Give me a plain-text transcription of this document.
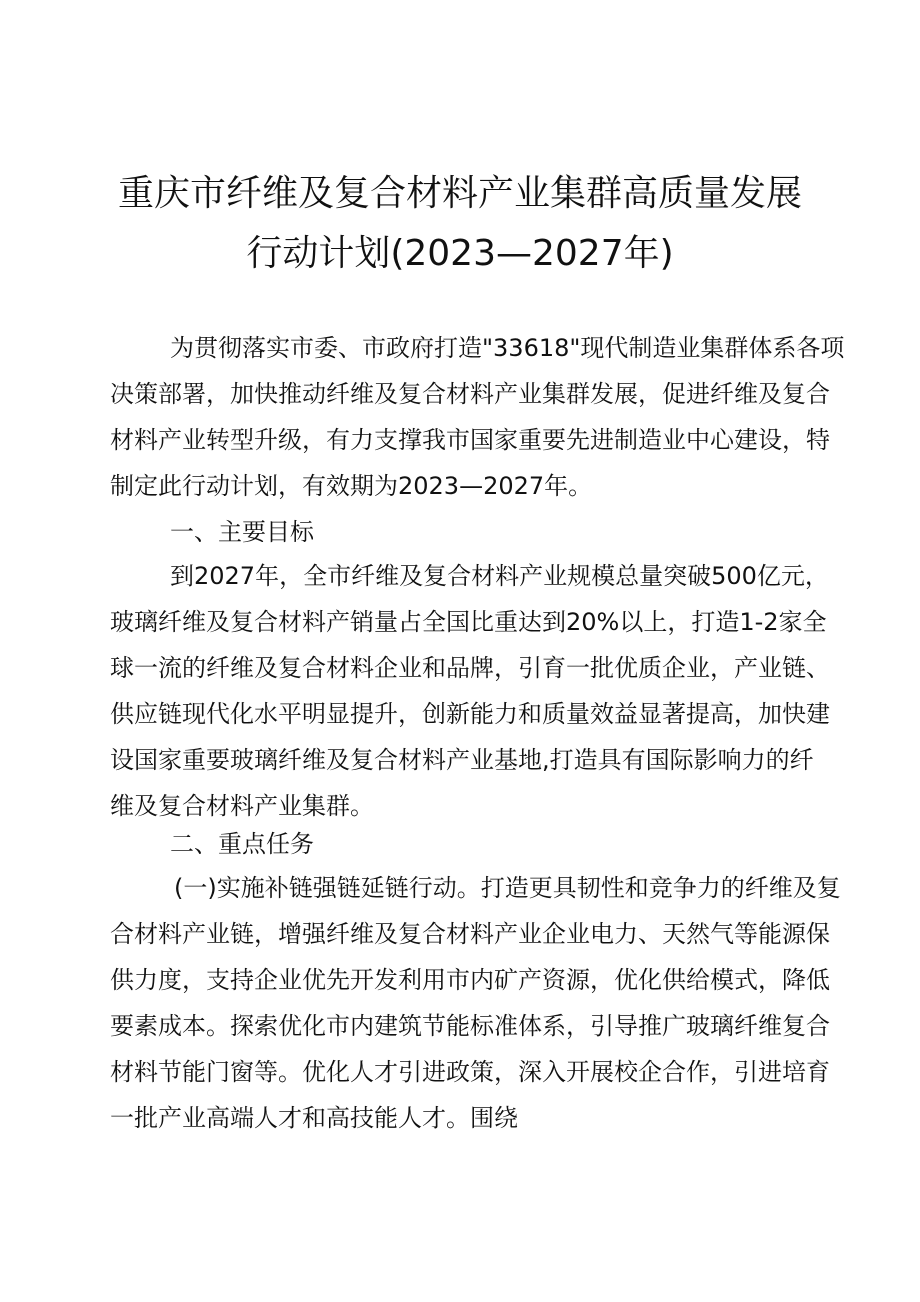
重庆市纤维及复合材料产业集群高质量发展
行动计划(2023—2027年)
为贯彻落实市委、市政府打造"33618"现代制造业集群体系各项
决策部署，加快推动纤维及复合材料产业集群发展，促进纤维及复合
材料产业转型升级，有力支撑我市国家重要先进制造业中心建设，特
制定此行动计划，有效期为2023—2027年。
一、主要目标
到2027年，全市纤维及复合材料产业规模总量突破500亿元，
玻璃纤维及复合材料产销量占全国比重达到20%以上，打造1-2家全
球一流的纤维及复合材料企业和品牌，引育一批优质企业，产业链、
供应链现代化水平明显提升，创新能力和质量效益显著提高，加快建
设国家重要玻璃纤维及复合材料产业基地,打造具有国际影响力的纤
维及复合材料产业集群。
二、重点任务
(一)实施补链强链延链行动。打造更具韧性和竞争力的纤维及复
合材料产业链，增强纤维及复合材料产业企业电力、天然气等能源保
供力度，支持企业优先开发利用市内矿产资源，优化供给模式，降低
要素成本。探索优化市内建筑节能标准体系，引导推广玻璃纤维复合
材料节能门窗等。优化人才引进政策，深入开展校企合作，引进培育
一批产业高端人才和高技能人才。围绕
